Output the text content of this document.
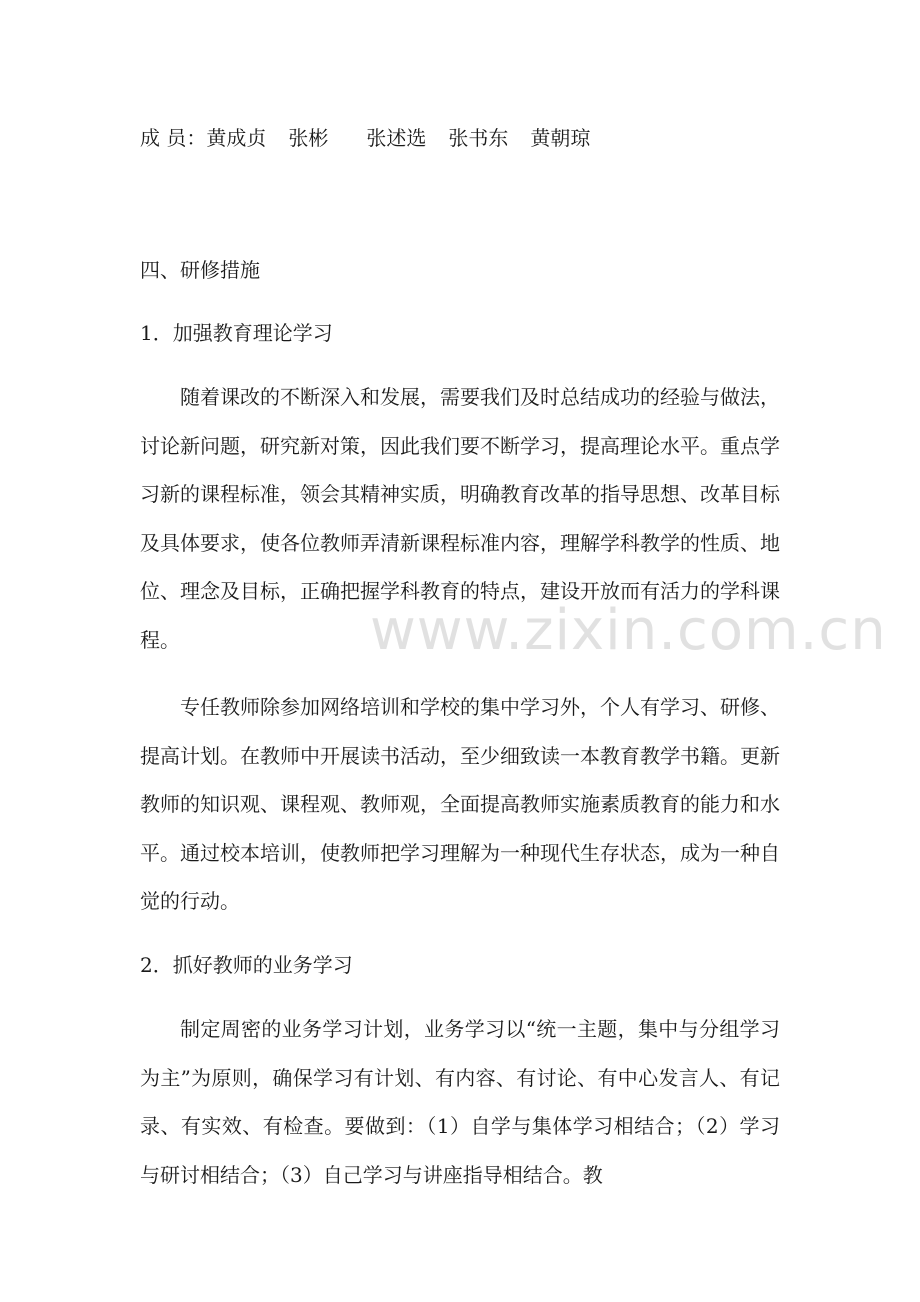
成 员：黄成贞 张彬 张述选 张书东 黄朝琼
四、研修措施
1．加强教育理论学习

随着课改的不断深入和发展，需要我们及时总结成功的经验与做法，讨论新问题，研究新对策，因此我们要不断学习，提高理论水平。重点学习新的课程标准，领会其精神实质，明确教育改革的指导思想、改革目标及具体要求，使各位教师弄清新课程标准内容，理解学科教学的性质、地位、理念及目标，正确把握学科教育的特点，建设开放而有活力的学科课程。

专任教师除参加网络培训和学校的集中学习外，个人有学习、研修、提高计划。在教师中开展读书活动，至少细致读一本教育教学书籍。更新教师的知识观、课程观、教师观，全面提高教师实施素质教育的能力和水平。通过校本培训，使教师把学习理解为一种现代生存状态，成为一种自觉的行动。

2．抓好教师的业务学习

制定周密的业务学习计划，业务学习以“统一主题，集中与分组学习为主”为原则，确保学习有计划、有内容、有讨论、有中心发言人、有记录、有实效、有检查。要做到：（1）自学与集体学习相结合；（2）学习与研讨相结合；（3）自己学习与讲座指导相结合。教

www.zixin.com.cn
